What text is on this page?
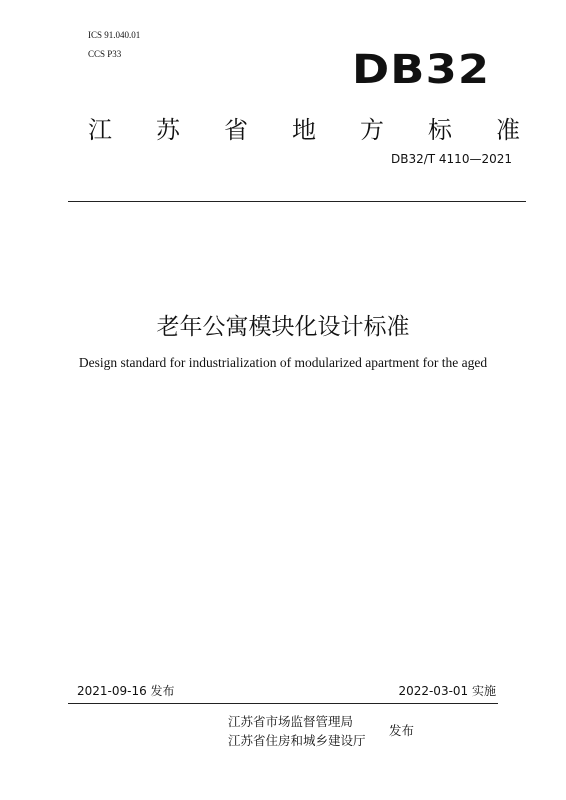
ICS 91.040.01
CCS P33	DB32
江 苏 省 地 方 标 准
DB32/T 4110—2021
老年公寓模块化设计标准
Design standard for industrialization of modularized apartment for the aged
2021-09-16 发布	2022-03-01 实施
江苏省市场监督管理局
江苏省住房和城乡建设厅
发布
